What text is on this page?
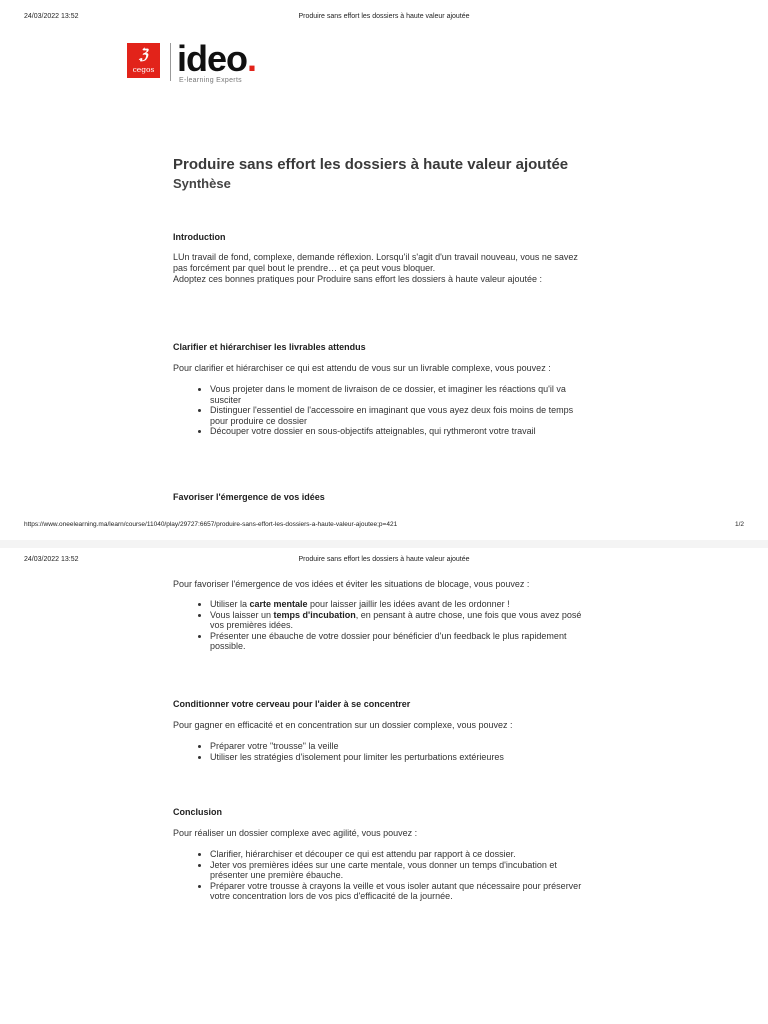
24/03/2022 13:52	Produire sans effort les dossiers à haute valeur ajoutée
ℨ
cegos ideo.
E-learning Experts
Produire sans effort les dossiers à haute valeur ajoutée
Synthèse
Introduction

LUn travail de fond, complexe, demande réflexion. Lorsqu'il s'agit d'un travail nouveau, vous ne savez pas forcément par quel bout le prendre… et ça peut vous bloquer.

Adoptez ces bonnes pratiques pour Produire sans effort les dossiers à haute valeur ajoutée :

Clarifier et hiérarchiser les livrables attendus

Pour clarifier et hiérarchiser ce qui est attendu de vous sur un livrable complexe, vous pouvez :

• Vous projeter dans le moment de livraison de ce dossier, et imaginer les réactions qu'il va susciter
• Distinguer l'essentiel de l'accessoire en imaginant que vous ayez deux fois moins de temps pour produire ce dossier
• Découper votre dossier en sous-objectifs atteignables, qui rythmeront votre travail
Favoriser l'émergence de vos idées
https://www.oneelearning.ma/learn/course/11040/play/29727:6657/produire-sans-effort-les-dossiers-a-haute-valeur-ajoutee;p=421	1/2
24/03/2022 13:52	Produire sans effort les dossiers à haute valeur ajoutée

Pour favoriser l'émergence de vos idées et éviter les situations de blocage, vous pouvez :

• Utiliser la carte mentale pour laisser jaillir les idées avant de les ordonner !
• Vous laisser un temps d'incubation, en pensant à autre chose, une fois que vous avez posé vos premières idées.
• Présenter une ébauche de votre dossier pour bénéficier d'un feedback le plus rapidement possible.
Conditionner votre cerveau pour l'aider à se concentrer

Pour gagner en efficacité et en concentration sur un dossier complexe, vous pouvez :

• Préparer votre "trousse" la veille
• Utiliser les stratégies d'isolement pour limiter les perturbations extérieures
Conclusion

Pour réaliser un dossier complexe avec agilité, vous pouvez :

• Clarifier, hiérarchiser et découper ce qui est attendu par rapport à ce dossier.
• Jeter vos premières idées sur une carte mentale, vous donner un temps d'incubation et présenter une première ébauche.
• Préparer votre trousse à crayons la veille et vous isoler autant que nécessaire pour préserver votre concentration lors de vos pics d'efficacité de la journée.
